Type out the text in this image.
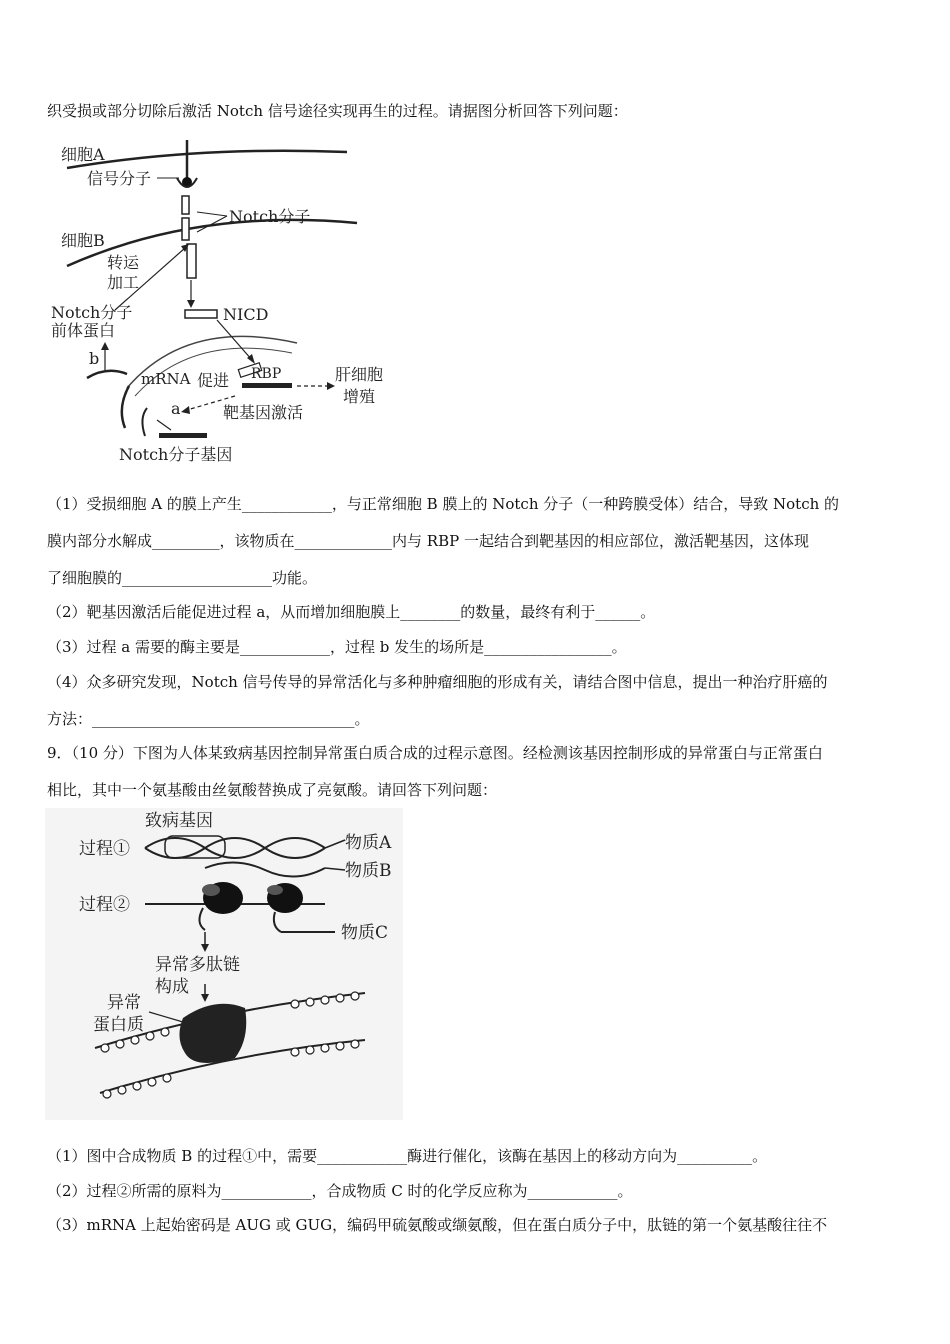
织受损或部分切除后激活 Notch 信号途径实现再生的过程。请据图分析回答下列问题：
细胞A
信号分子
Notch分子
细胞B
转运
加工
Notch分子
前体蛋白
b
NICD
mRNA 促进 RBP	肝细胞
增殖
a	靶基因激活
Notch分子基因
（1）受损细胞 A 的膜上产生____________，与正常细胞 B 膜上的 Notch 分子（一种跨膜受体）结合，导致 Notch 的
膜内部分水解成_________，该物质在_____________内与 RBP 一起结合到靶基因的相应部位，激活靶基因，这体现
了细胞膜的____________________功能。
（2）靶基因激活后能促进过程 a，从而增加细胞膜上________的数量，最终有利于______。
（3）过程 a 需要的酶主要是____________，过程 b 发生的场所是_________________。
（4）众多研究发现，Notch 信号传导的异常活化与多种肿瘤细胞的形成有关，请结合图中信息，提出一种治疗肝癌的
方法：___________________________________。
9．（10 分）下图为人体某致病基因控制异常蛋白质合成的过程示意图。经检测该基因控制形成的异常蛋白与正常蛋白
相比，其中一个氨基酸由丝氨酸替换成了亮氨酸。请回答下列问题：
致病基因
过程①	物质A
物质B
过程②
物质C
异常多肽链
构成
异常
蛋白质
（1）图中合成物质 B 的过程①中，需要____________酶进行催化，该酶在基因上的移动方向为__________。
（2）过程②所需的原料为____________，合成物质 C 时的化学反应称为____________。
（3）mRNA 上起始密码是 AUG 或 GUG，编码甲硫氨酸或缬氨酸，但在蛋白质分子中，肽链的第一个氨基酸往往不
